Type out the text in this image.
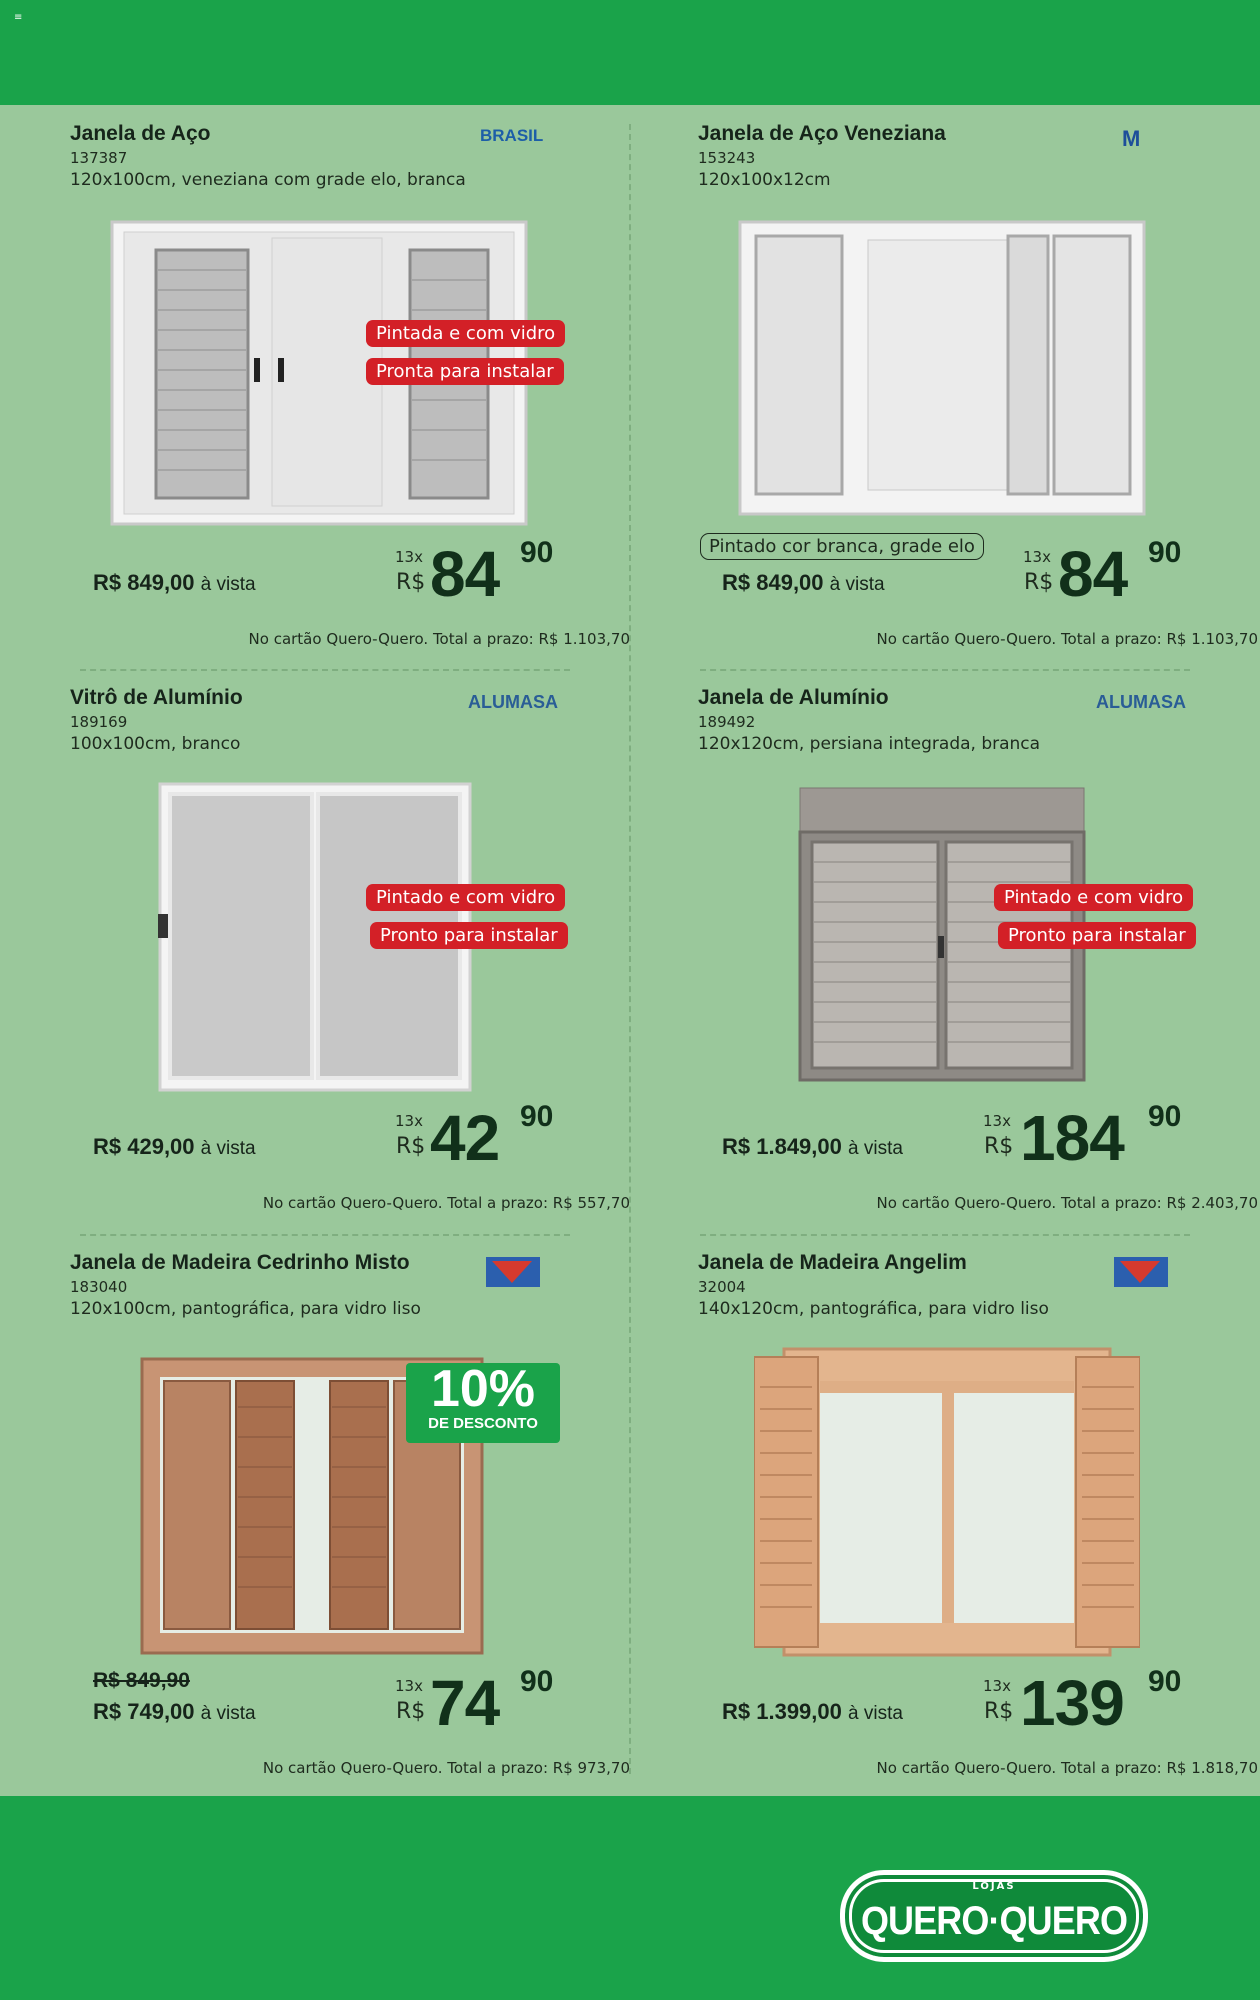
≡
Janela de Aço
137387
120x100cm, veneziana com grade elo, branca
BRASIL
Pintada e com vidro
Pronta para instalar
R$ 849,00 à vista
13x
R$ 84 90
No cartão Quero-Quero. Total a prazo: R$ 1.103,70
Janela de Aço Veneziana
153243
120x100x12cm
M
Pintado cor branca, grade elo
R$ 849,00 à vista
13x
R$ 84 90
No cartão Quero-Quero. Total a prazo: R$ 1.103,70
Vitrô de Alumínio
189169
100x100cm, branco
ALUMASA
Pintado e com vidro
Pronto para instalar
R$ 429,00 à vista
13x
R$ 42 90
No cartão Quero-Quero. Total a prazo: R$ 557,70
Janela de Alumínio
189492
120x120cm, persiana integrada, branca
ALUMASA
Pintado e com vidro
Pronto para instalar
R$ 1.849,00 à vista
13x
R$ 184 90
No cartão Quero-Quero. Total a prazo: R$ 2.403,70
Janela de Madeira Cedrinho Misto
183040
120x100cm, pantográfica, para vidro liso
10%
DE DESCONTO
R$ 849,90
R$ 749,00 à vista
13x
R$ 74 90
No cartão Quero-Quero. Total a prazo: R$ 973,70
Janela de Madeira Angelim
32004
140x120cm, pantográfica, para vidro liso
R$ 1.399,00 à vista
13x
R$ 139 90
No cartão Quero-Quero. Total a prazo: R$ 1.818,70
LOJAS
QUERO·QUERO
